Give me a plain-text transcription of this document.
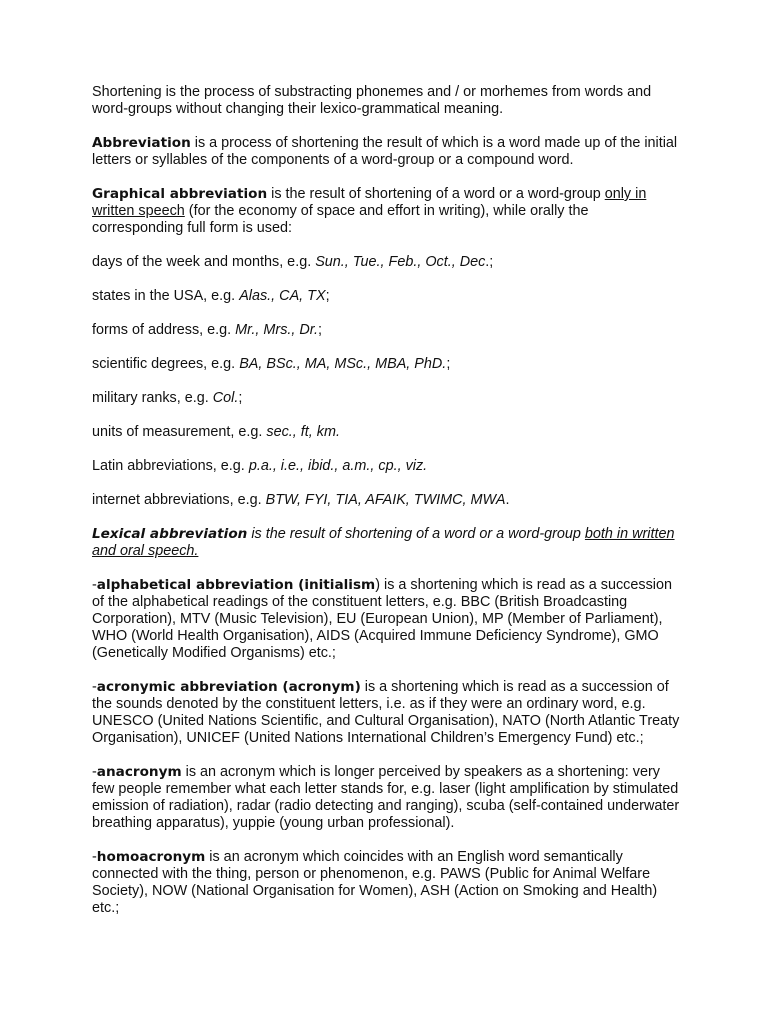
Shortening is the process of substracting phonemes and / or morhemes from words and word-groups without changing their lexico-grammatical meaning.

Abbreviation is a process of shortening the result of which is a word made up of the initial letters or syllables of the components of a word-group or a compound word.

Graphical abbreviation is the result of shortening of a word or a word-group only in written speech (for the economy of space and effort in writing), while orally the corresponding full form is used:

days of the week and months, e.g. Sun., Tue., Feb., Oct., Dec.;

states in the USA, e.g. Alas., CA, TX;

forms of address, e.g. Mr., Mrs., Dr.;

scientific degrees, e.g. BA, BSc., MA, MSc., MBA, PhD.;

military ranks, e.g. Col.;

units of measurement, e.g. sec., ft, km.

Latin abbreviations, e.g. p.a., i.e., ibid., a.m., cp., viz.

internet abbreviations, e.g. BTW, FYI, TIA, AFAIK, TWIMC, MWA.

Lexical abbreviation is the result of shortening of a word or a word-group both in written and oral speech.

-alphabetical abbreviation (initialism) is a shortening which is read as a succession of the alphabetical readings of the constituent letters, e.g. BBC (British Broadcasting Corporation), MTV (Music Television), EU (European Union), MP (Member of Parliament), WHO (World Health Organisation), AIDS (Acquired Immune Deficiency Syndrome), GMO (Genetically Modified Organisms) etc.;

-acronymic abbreviation (acronym) is a shortening which is read as a succession of the sounds denoted by the constituent letters, i.e. as if they were an ordinary word, e.g. UNESCO (United Nations Scientific, and Cultural Organisation), NATO (North Atlantic Treaty Organisation), UNICEF (United Nations International Children’s Emergency Fund) etc.;

-anacronym is an acronym which is longer perceived by speakers as a shortening: very few people remember what each letter stands for, e.g. laser (light amplification by stimulated emission of radiation), radar (radio detecting and ranging), scuba (self-contained underwater breathing apparatus), yuppie (young urban professional).

-homoacronym is an acronym which coincides with an English word semantically connected with the thing, person or phenomenon, e.g. PAWS (Public for Animal Welfare Society), NOW (National Organisation for Women), ASH (Action on Smoking and Health) etc.;
